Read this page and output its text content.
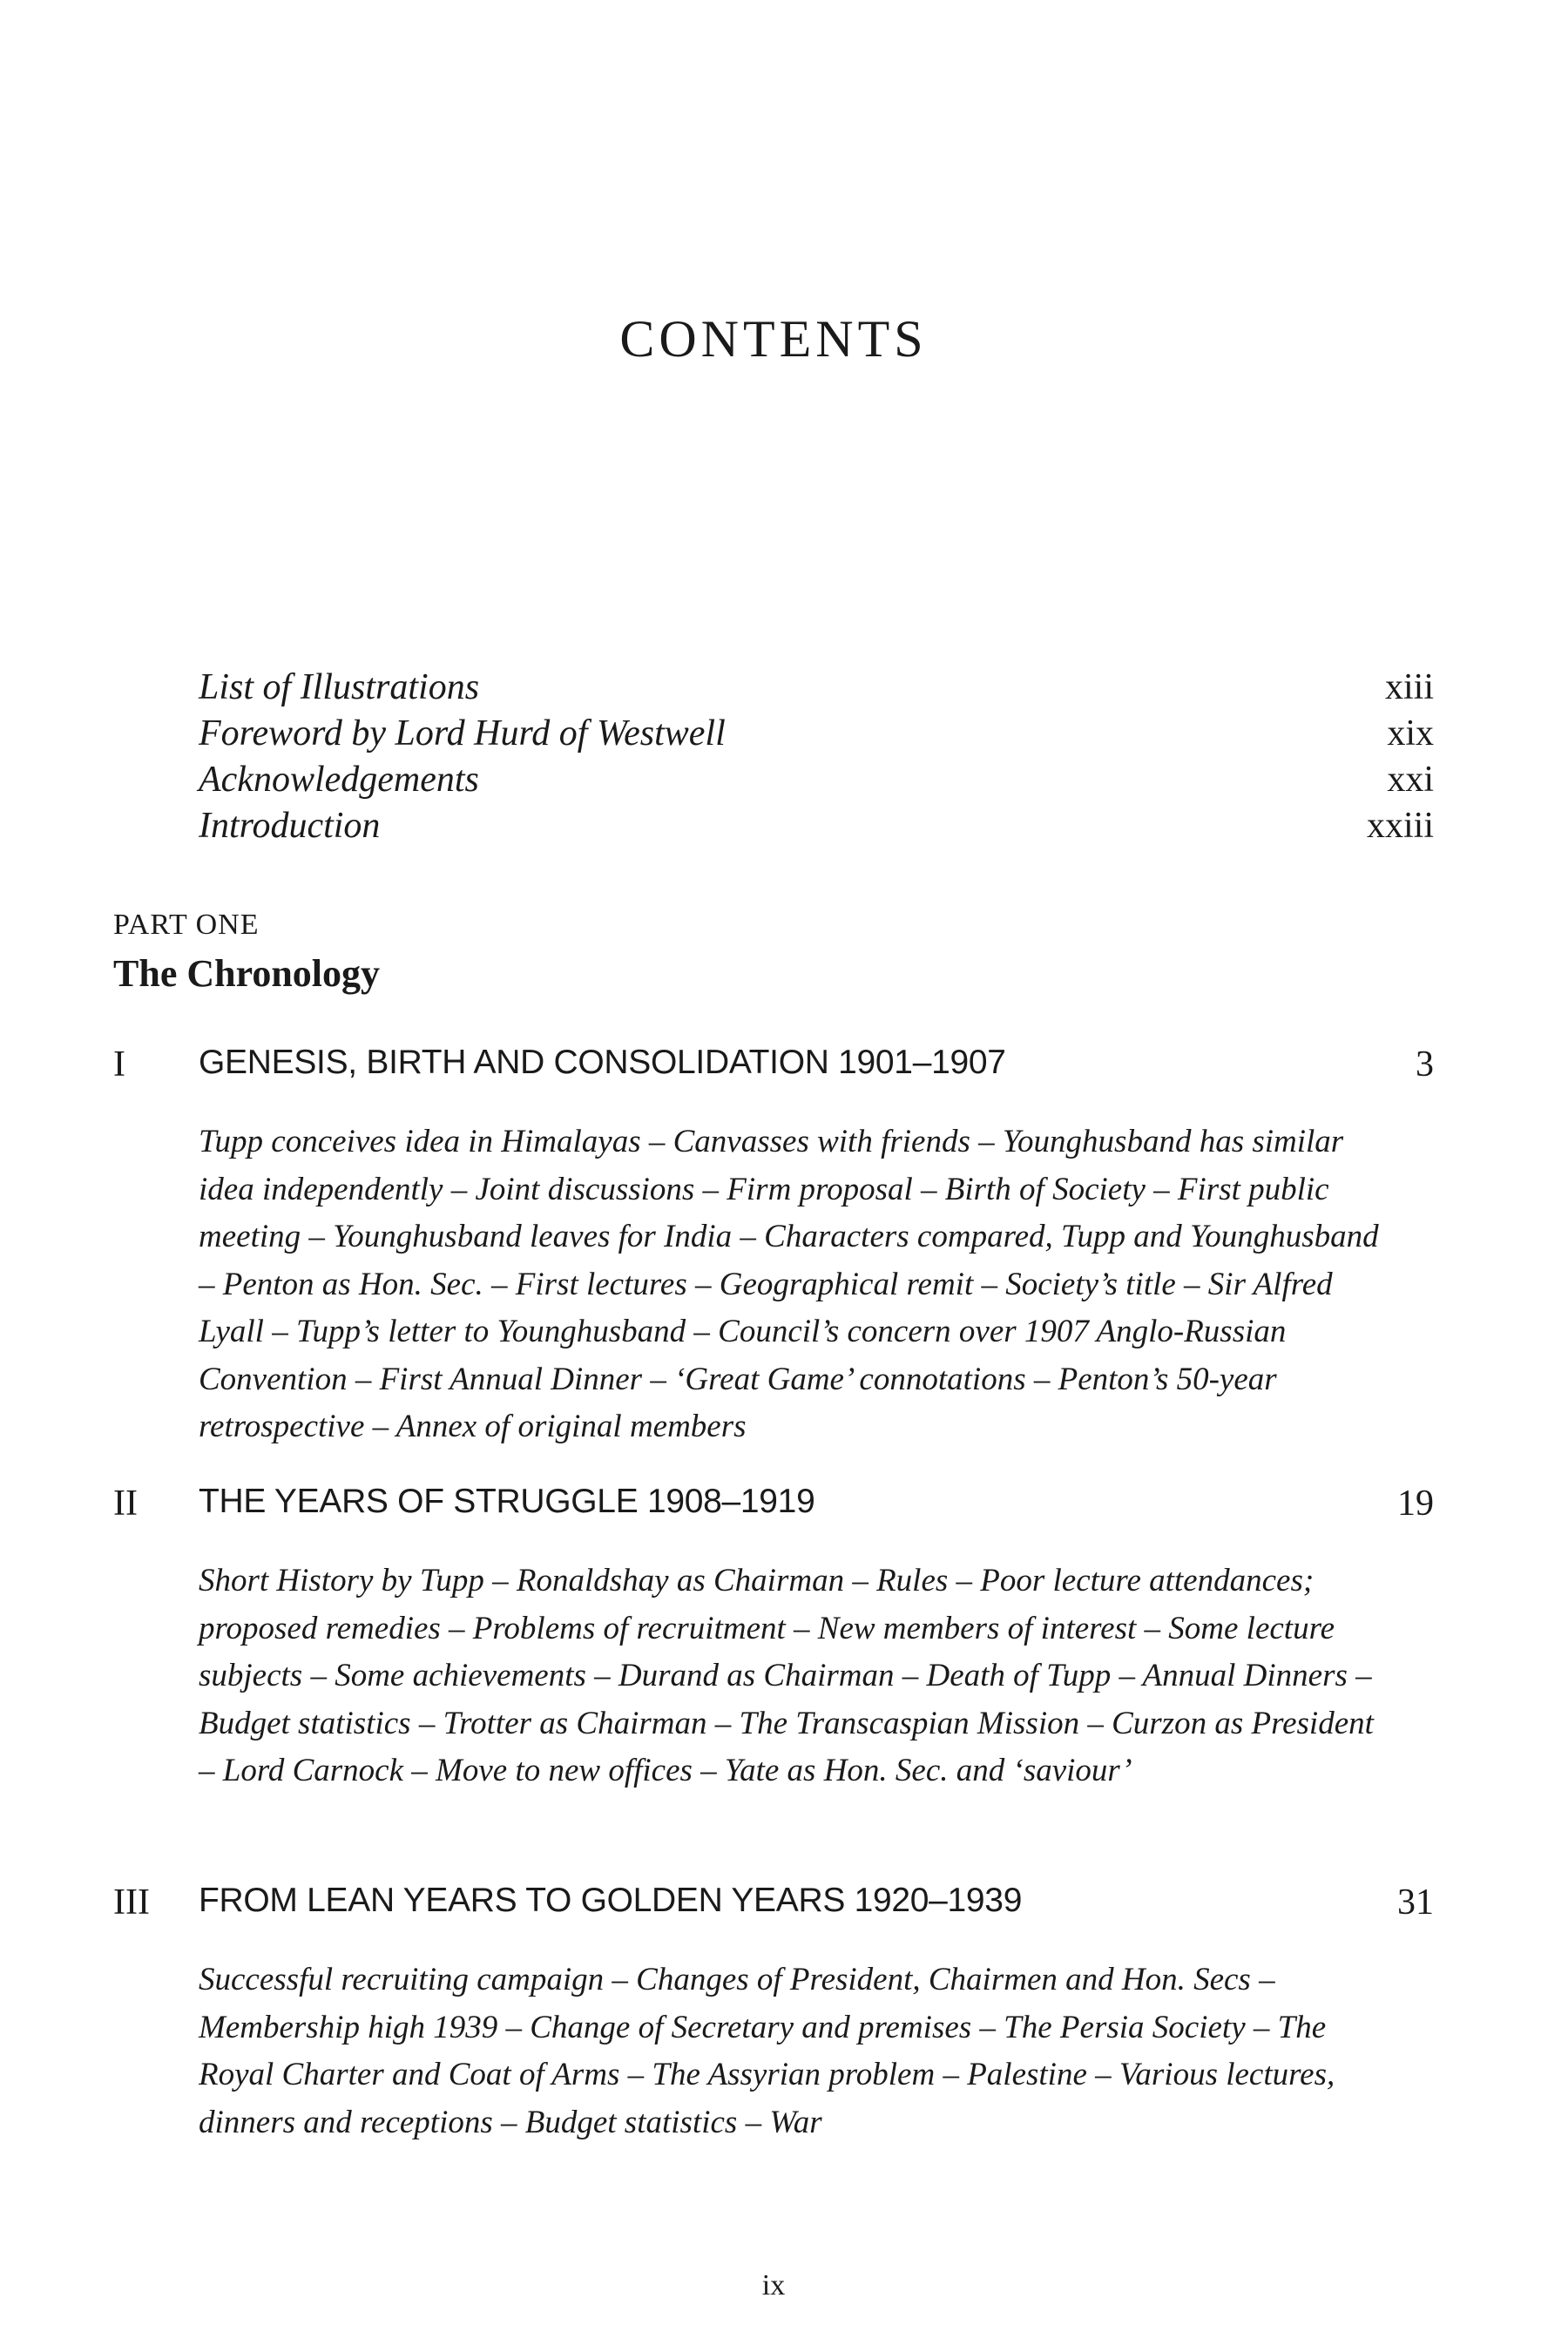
CONTENTS
List of Illustrations	xiii
Foreword by Lord Hurd of Westwell	xix
Acknowledgements	xxi
Introduction	xxiii
PART ONE
The Chronology
I GENESIS, BIRTH AND CONSOLIDATION 1901–1907	3
Tupp conceives idea in Himalayas – Canvasses with friends – Younghusband has similar idea independently – Joint discussions – Firm proposal – Birth of Society – First public meeting – Younghusband leaves for India – Characters compared, Tupp and Younghusband – Penton as Hon. Sec. – First lectures – Geographical remit – Society’s title – Sir Alfred Lyall – Tupp’s letter to Younghusband – Council’s concern over 1907 Anglo-Russian Convention – First Annual Dinner – ‘Great Game’ connotations – Penton’s 50-year retrospective – Annex of original members
II THE YEARS OF STRUGGLE 1908–1919	19
Short History by Tupp – Ronaldshay as Chairman – Rules – Poor lecture attendances; proposed remedies – Problems of recruitment – New members of interest – Some lecture subjects – Some achievements – Durand as Chairman – Death of Tupp – Annual Dinners – Budget statistics – Trotter as Chairman – The Transcaspian Mission – Curzon as President – Lord Carnock – Move to new offices – Yate as Hon. Sec. and ‘saviour’
III FROM LEAN YEARS TO GOLDEN YEARS 1920–1939	31
Successful recruiting campaign – Changes of President, Chairmen and Hon. Secs – Membership high 1939 – Change of Secretary and premises – The Persia Society – The Royal Charter and Coat of Arms – The Assyrian problem – Palestine – Various lectures, dinners and receptions – Budget statistics – War
ix
